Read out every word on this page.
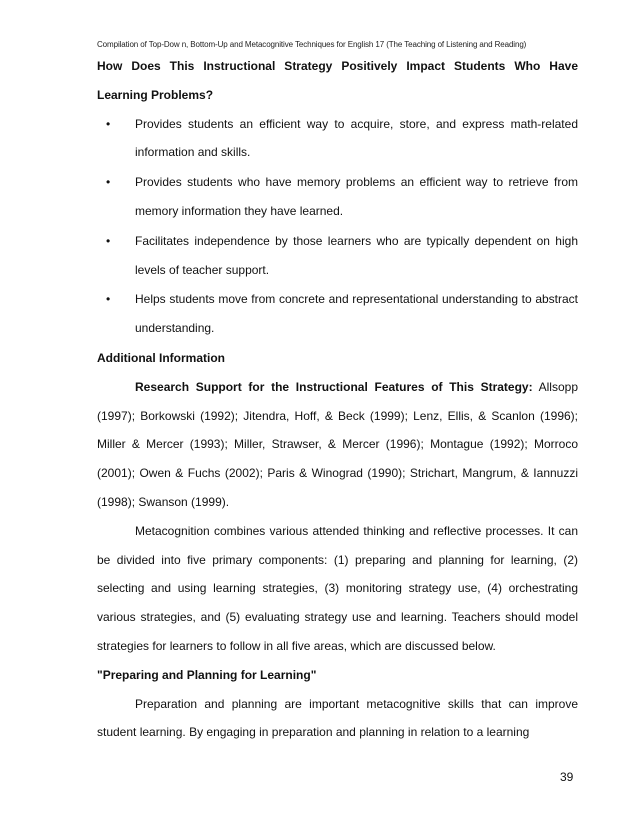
Compilation of Top-Dow n, Bottom-Up and Metacognitive Techniques for English 17 (The Teaching of Listening and Reading)

How Does This Instructional Strategy Positively Impact Students Who Have Learning Problems?

• Provides students an efficient way to acquire, store, and express math-related information and skills.
• Provides students who have memory problems an efficient way to retrieve from memory information they have learned.
• Facilitates independence by those learners who are typically dependent on high levels of teacher support.
• Helps students move from concrete and representational understanding to abstract understanding.

Additional Information

Research Support for the Instructional Features of This Strategy: Allsopp (1997); Borkowski (1992); Jitendra, Hoff, & Beck (1999); Lenz, Ellis, & Scanlon (1996); Miller & Mercer (1993); Miller, Strawser, & Mercer (1996); Montague (1992); Morroco (2001); Owen & Fuchs (2002); Paris & Winograd (1990); Strichart, Mangrum, & Iannuzzi (1998); Swanson (1999).

Metacognition combines various attended thinking and reflective processes. It can be divided into five primary components: (1) preparing and planning for learning, (2) selecting and using learning strategies, (3) monitoring strategy use, (4) orchestrating various strategies, and (5) evaluating strategy use and learning. Teachers should model strategies for learners to follow in all five areas, which are discussed below.

"Preparing and Planning for Learning"

Preparation and planning are important metacognitive skills that can improve student learning. By engaging in preparation and planning in relation to a learning

39
